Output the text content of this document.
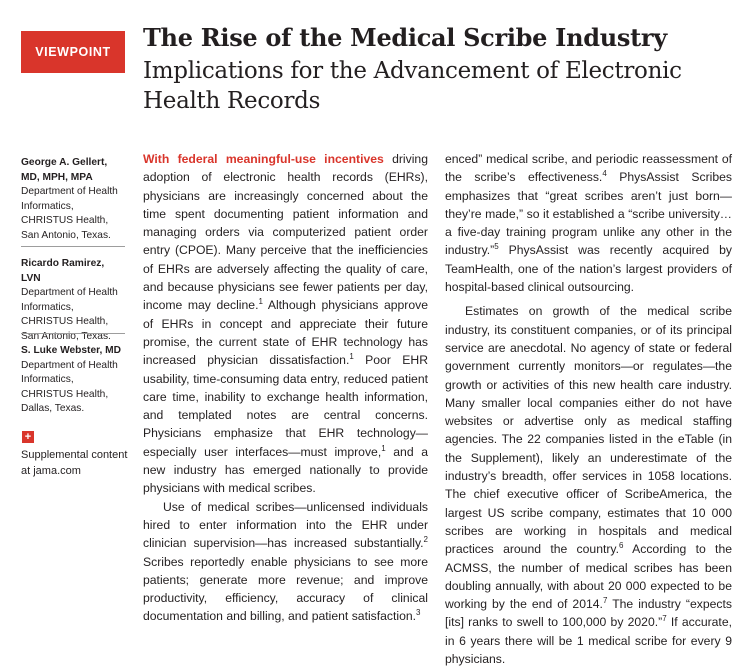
VIEWPOINT	The Rise of the Medical Scribe Industry
Implications for the Advancement of Electronic Health Records
George A. Gellert, MD, MPH, MPA
Department of Health Informatics, CHRISTUS Health, San Antonio, Texas.
Ricardo Ramirez, LVN
Department of Health Informatics, CHRISTUS Health, San Antonio, Texas.
S. Luke Webster, MD
Department of Health Informatics, CHRISTUS Health, Dallas, Texas.
+
Supplemental content at jama.com

With federal meaningful-use incentives driving adoption of electronic health records (EHRs), physicians are increasingly concerned about the time spent documenting patient information and managing orders via computerized patient order entry (CPOE). Many perceive that the inefficiencies of EHRs are adversely affecting the quality of care, and because physicians see fewer patients per day, income may decline.$^1$ Although physicians approve of EHRs in concept and appreciate their future promise, the current state of EHR technology has increased physician dissatisfaction.$^1$ Poor EHR usability, time-consuming data entry, reduced patient care time, inability to exchange health information, and templated notes are central concerns. Physicians emphasize that EHR technology—especially user interfaces—must improve,$^1$ and a new industry has emerged nationally to provide physicians with medical scribes.

Use of medical scribes—unlicensed individuals hired to enter information into the EHR under clinician supervision—has increased substantially.$^2$ Scribes reportedly enable physicians to see more patients; generate more revenue; and improve productivity, efficiency, accuracy of clinical documentation and billing, and patient satisfaction.$^3$

enced” medical scribe, and periodic reassessment of the scribe’s effectiveness.$^4$ PhysAssist Scribes emphasizes that “great scribes aren’t just born—they’re made,” so it established a “scribe university…a five-day training program unlike any other in the industry.”$^5$ PhysAssist was recently acquired by TeamHealth, one of the nation’s largest providers of hospital-based clinical outsourcing.

Estimates on growth of the medical scribe industry, its constituent companies, or of its principal service are anecdotal. No agency of state or federal government currently monitors—or regulates—the growth or activities of this new health care industry. Many smaller local companies either do not have websites or advertise only as medical staffing agencies. The 22 companies listed in the eTable (in the Supplement), likely an underestimate of the industry’s breadth, offer services in 1058 locations. The chief executive officer of ScribeAmerica, the largest US scribe company, estimates that 10 000 scribes are working in hospitals and medical practices around the country.$^6$ According to the ACMSS, the number of medical scribes has been doubling annually, with about 20 000 expected to be working by the end of 2014.$^7$ The industry “expects [its] ranks to swell to 100,000 by 2020.”$^7$ If accurate, in 6 years there will be 1 medical scribe for every 9 physicians.
